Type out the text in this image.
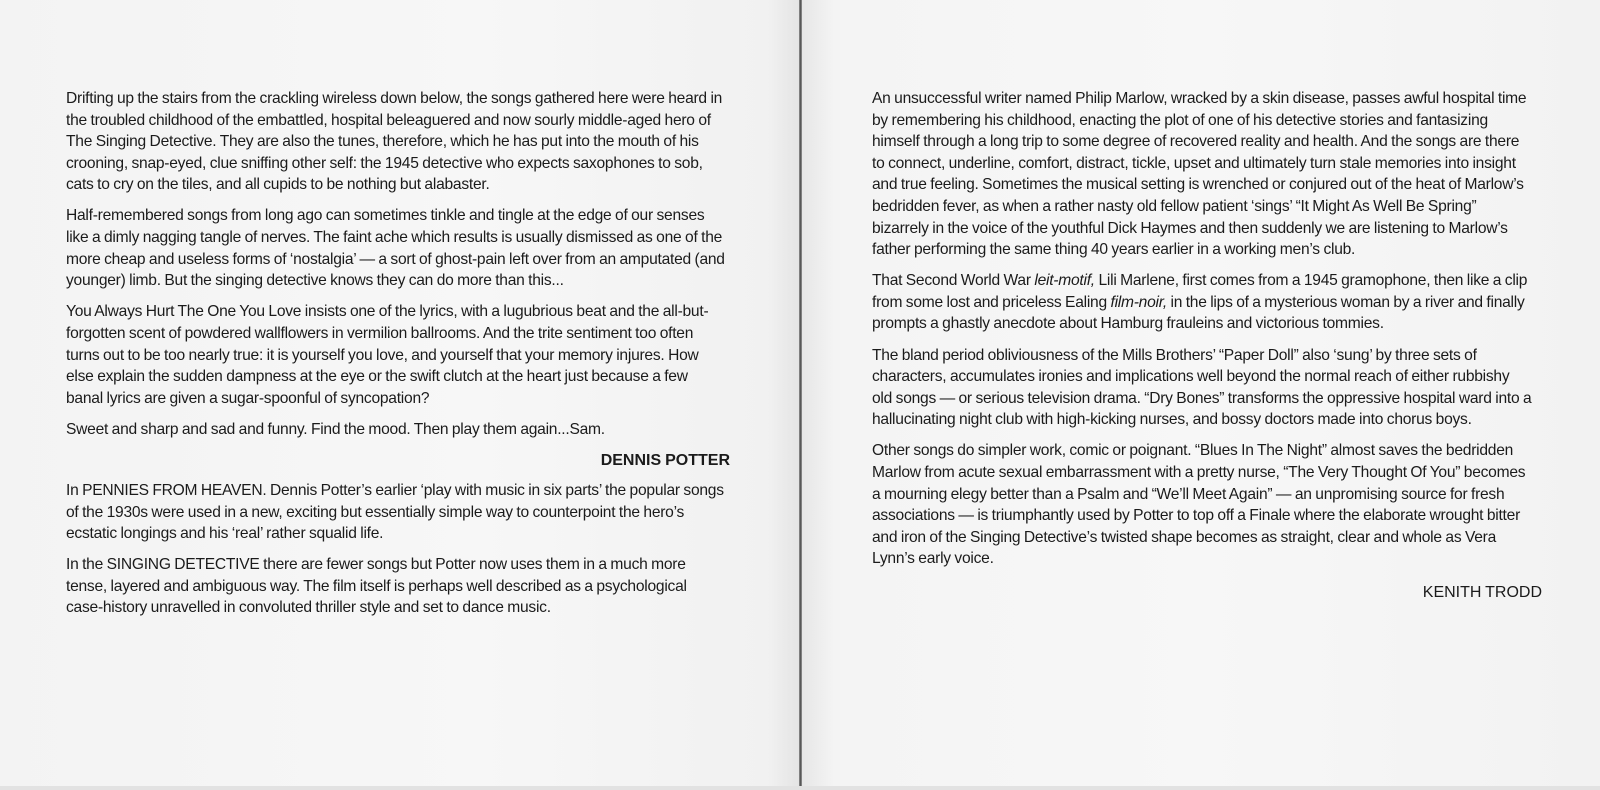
Drifting up the stairs from the crackling wireless down below, the songs gathered here were heard in the troubled childhood of the embattled, hospital beleaguered and now sourly middle-aged hero of The Singing Detective. They are also the tunes, therefore, which he has put into the mouth of his crooning, snap-eyed, clue sniffing other self: the 1945 detective who expects saxophones to sob, cats to cry on the tiles, and all cupids to be nothing but alabaster.

Half-remembered songs from long ago can sometimes tinkle and tingle at the edge of our senses like a dimly nagging tangle of nerves. The faint ache which results is usually dismissed as one of the more cheap and useless forms of ‘nostalgia’ — a sort of ghost-pain left over from an amputated (and younger) limb. But the singing detective knows they can do more than this...

You Always Hurt The One You Love insists one of the lyrics, with a lugubrious beat and the all-but-forgotten scent of powdered wallflowers in vermilion ballrooms. And the trite sentiment too often turns out to be too nearly true: it is yourself you love, and yourself that your memory injures. How else explain the sudden dampness at the eye or the swift clutch at the heart just because a few banal lyrics are given a sugar-spoonful of syncopation?

Sweet and sharp and sad and funny. Find the mood. Then play them again...Sam.

DENNIS POTTER

In PENNIES FROM HEAVEN. Dennis Potter’s earlier ‘play with music in six parts’ the popular songs of the 1930s were used in a new, exciting but essentially simple way to counterpoint the hero’s ecstatic longings and his ‘real’ rather squalid life.

In the SINGING DETECTIVE there are fewer songs but Potter now uses them in a much more tense, layered and ambiguous way. The film itself is perhaps well described as a psychological case-history unravelled in convoluted thriller style and set to dance music.

An unsuccessful writer named Philip Marlow, wracked by a skin disease, passes awful hospital time by remembering his childhood, enacting the plot of one of his detective stories and fantasizing himself through a long trip to some degree of recovered reality and health. And the songs are there to connect, underline, comfort, distract, tickle, upset and ultimately turn stale memories into insight and true feeling. Sometimes the musical setting is wrenched or conjured out of the heat of Marlow’s bedridden fever, as when a rather nasty old fellow patient ‘sings’ “It Might As Well Be Spring” bizarrely in the voice of the youthful Dick Haymes and then suddenly we are listening to Marlow’s father performing the same thing 40 years earlier in a working men’s club.

That Second World War leit-motif, Lili Marlene, first comes from a 1945 gramophone, then like a clip from some lost and priceless Ealing film-noir, in the lips of a mysterious woman by a river and finally prompts a ghastly anecdote about Hamburg frauleins and victorious tommies.

The bland period obliviousness of the Mills Brothers’ “Paper Doll” also ‘sung’ by three sets of characters, accumulates ironies and implications well beyond the normal reach of either rubbishy old songs — or serious television drama. “Dry Bones” transforms the oppressive hospital ward into a hallucinating night club with high-kicking nurses, and bossy doctors made into chorus boys.

Other songs do simpler work, comic or poignant. “Blues In The Night” almost saves the bedridden Marlow from acute sexual embarrassment with a pretty nurse, “The Very Thought Of You” becomes a mourning elegy better than a Psalm and “We’ll Meet Again” — an unpromising source for fresh associations — is triumphantly used by Potter to top off a Finale where the elaborate wrought bitter and iron of the Singing Detective’s twisted shape becomes as straight, clear and whole as Vera Lynn’s early voice.

KENITH TRODD
